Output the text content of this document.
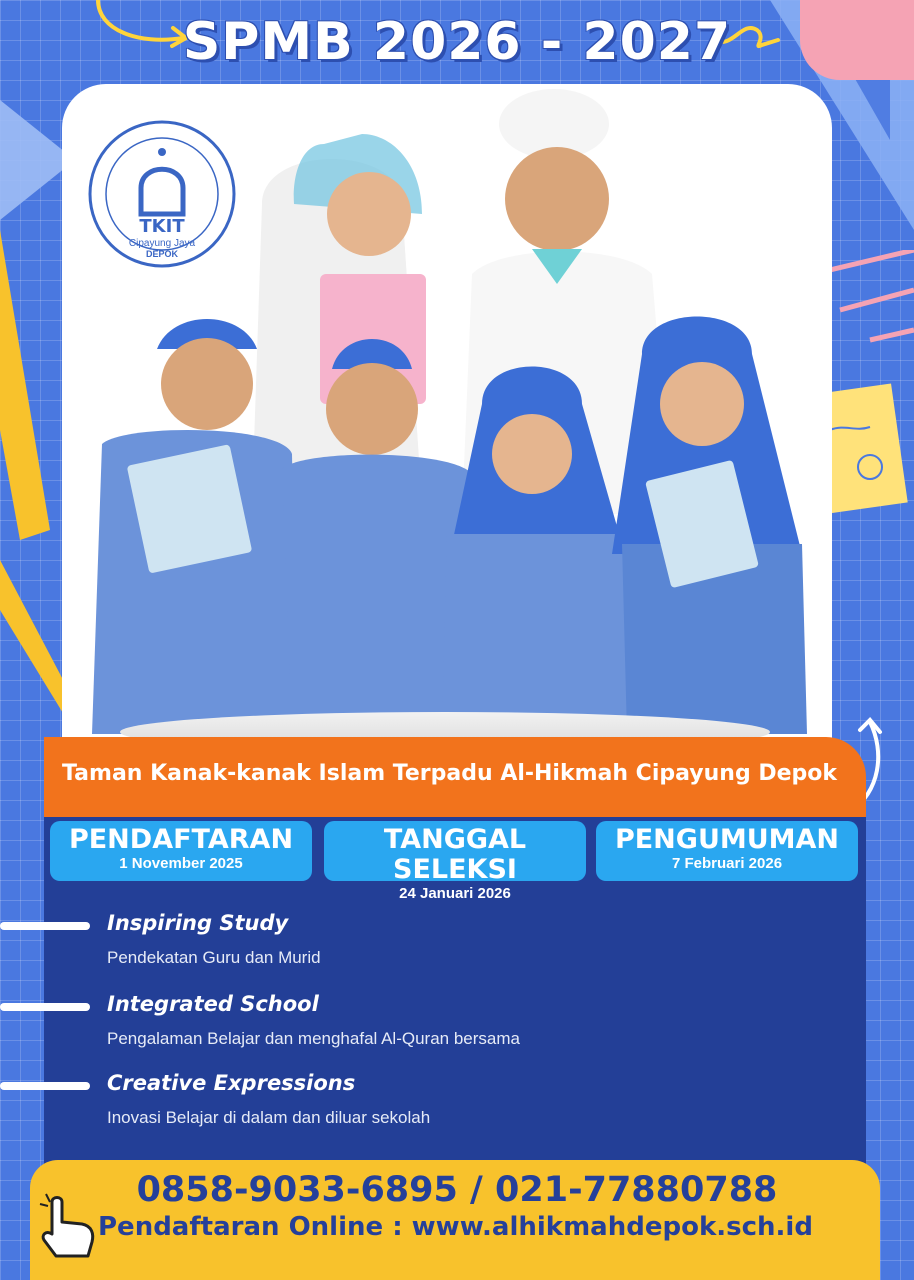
SPMB 2026 - 2027
TKIT
Cipayung Jaya
DEPOK
Taman Kanak-kanak Islam Terpadu Al-Hikmah Cipayung Depok
PENDAFTARAN
1 November 2025
TANGGAL SELEKSI
24 Januari 2026
PENGUMUMAN
7 Februari 2026
Inspiring Study
Pendekatan Guru dan Murid
Integrated School
Pengalaman Belajar dan menghafal Al-Quran bersama
Creative Expressions
Inovasi Belajar di dalam dan diluar sekolah
0858-9033-6895 / 021-77880788
Pendaftaran Online : www.alhikmahdepok.sch.id
